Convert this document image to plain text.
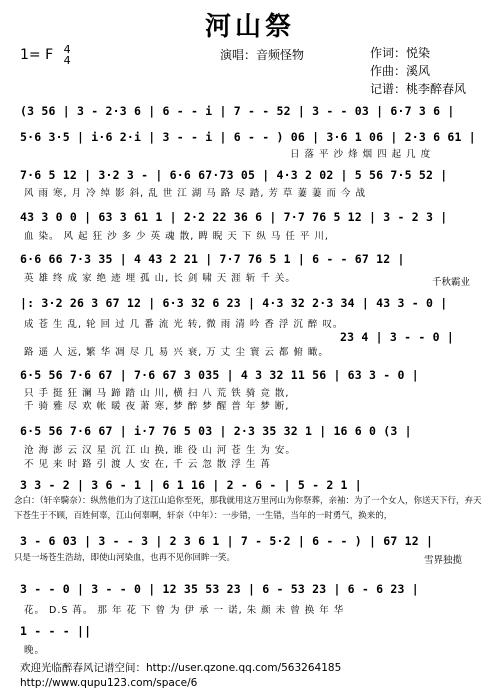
河山祭
1= F 4
4	演唱：音频怪物	作词：悦染
作曲：溪风
记谱：桃李醉春风
(3 56 | 3 - 2·3 6 | 6 - - i | 7 - - 52 | 3 - - 03 | 6·7 3 6 |
5·6 3·5 | i·6 2·i | 3 - - i | 6 - - ) 06 | 3·6 1 06 | 2·3 6 61 |
日 落 平 沙 烽 烟 四 起 几 度
7·6 5 12 | 3·2 3 - | 6·6 67·73 05 | 4·3 2 02 | 5 56 7·5 52 |
风 雨 寒, 月 冷 绰 影 斜, 乱 世 江 湖 马 路 尽 踏, 芳 草 萋 萋 而 今 战
43 3 0 0 | 63 3 61 1 | 2·2 22 36 6 | 7·7 76 5 12 | 3 - 2 3 |
血 染。 风 起 狂 沙 多 少 英 魂 散, 睥 睨 天 下 纵 马 任 平 川,
6·6 66 7·3 35 | 4 43 2 21 | 7·7 76 5 1 | 6 - - 67 12 |
英 雄 终 成 家 绝 迹 埋 孤 山, 长 剑 啸 天 涯 斩 千 关。	千秋霸业
|: 3·2 26 3 67 12 | 6·3 32 6 23 | 4·3 32 2·3 34 | 43 3 - 0 |
成 苍 生 乱, 轮 回 过 几 番 流 光 转, 微 雨 清 吟 香 浮 沉 醉 叹。
23 4 | 3 - - 0 |
路 遥 人 远, 繁 华 凋 尽 几 易 兴 衰, 万 丈 尘 寰 云 都 俯 瞰。
6·5 56 7·6 67 | 7·6 67 3 035 | 4 3 32 11 56 | 63 3 - 0 |
只 手 挺 狂 澜 马 蹄 踏 山 川, 横 扫 八 荒 铁 骑 竞 散,
千 骑 雅 尽 欢 帐 暖 夜 萧 寒, 梦 醉 梦 醒 普 年 梦 断,
6·5 56 7·6 67 | i·7 76 5 03 | 2·3 35 32 1 | 16 6 0 (3 |
沧 海 澎 云 汉 星 沉 江 山 换, 谁 役 山 河 苍 生 为 安。
不 见 来 时 路 引 渡 人 安 在, 千 云 忽 散 浮 生 苒
3 3 - 2 | 3 6 - 1 | 6 1 16 | 2 - 6 - | 5 - 2 1 |
念白：（轩辛騎奈）：纵然他们为了这江山追你至死，那我就用这万里河山为你祭葬，亲袖：为了一个女人，你送天下行，弃天下苍生于不顾，百姓何辜，江山何辜啊，轩奈（中年）：一步错，一生错，当年的一时勇气，换来的，
3 - 6 03 | 3 - - 3 | 2 3 6 1 | 7 - 5·2 | 6 - - ) | 67 12 |
只是一场苍生浩劫，即使山河染血，也再不见你回眸一笑。	雪界独揽
3 - - 0 | 3 - - 0 | 12 35 53 23 | 6 - 53 23 | 6 - 6 23 |
花。 D.S 苒。 那 年 花 下 曾 为 伊 承 一 诺, 朱 颜 未 曾 换 年 华
1 - - - ||
晚。
欢迎光临醉春风记谱空间：http://user.qzone.qq.com/563264185
http://www.qupu123.com/space/6
